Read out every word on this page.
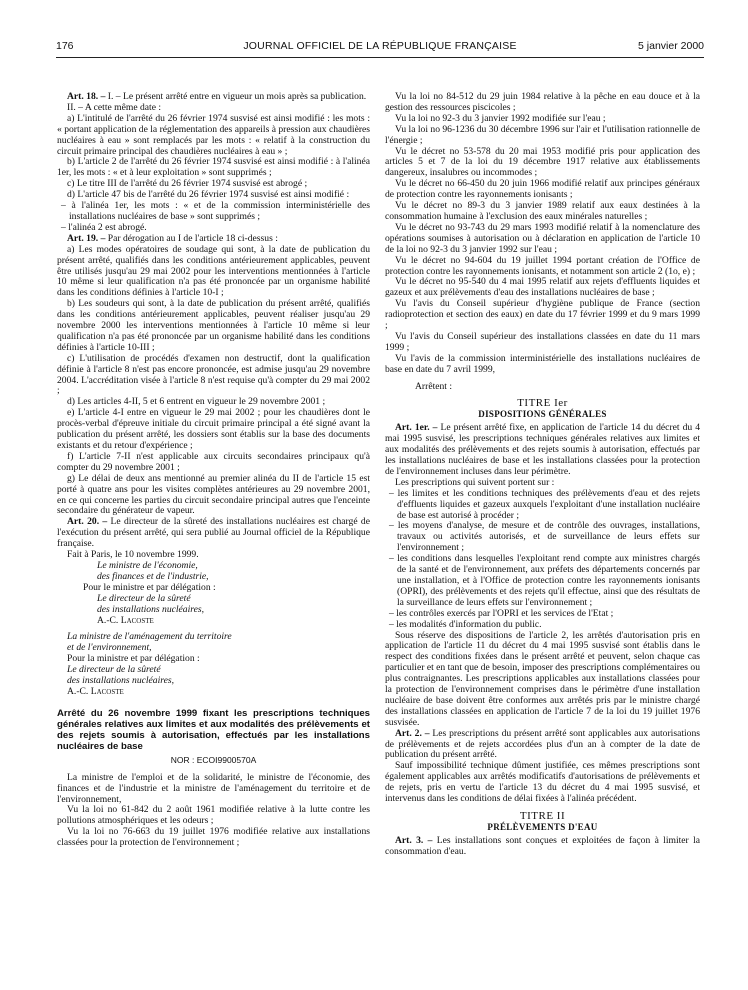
176	JOURNAL OFFICIEL DE LA RÉPUBLIQUE FRANÇAISE	5 janvier 2000

Art. 18. – I. – Le présent arrêté entre en vigueur un mois après sa publication.

II. – A cette même date :

a) L'intitulé de l'arrêté du 26 février 1974 susvisé est ainsi modifié : les mots : « portant application de la réglementation des appareils à pression aux chaudières nucléaires à eau » sont remplacés par les mots : « relatif à la construction du circuit primaire principal des chaudières nucléaires à eau » ;

b) L'article 2 de l'arrêté du 26 février 1974 susvisé est ainsi modifié : à l'alinéa 1er, les mots : « et à leur exploitation » sont supprimés ;

c) Le titre III de l'arrêté du 26 février 1974 susvisé est abrogé ;

d) L'article 47 bis de l'arrêté du 26 février 1974 susvisé est ainsi modifié :

– à l'alinéa 1er, les mots : « et de la commission interministérielle des installations nucléaires de base » sont supprimés ;

– l'alinéa 2 est abrogé.

Art. 19. – Par dérogation au I de l'article 18 ci-dessus :

a) Les modes opératoires de soudage qui sont, à la date de publication du présent arrêté, qualifiés dans les conditions antérieurement applicables, peuvent être utilisés jusqu'au 29 mai 2002 pour les interventions mentionnées à l'article 10 même si leur qualification n'a pas été prononcée par un organisme habilité dans les conditions définies à l'article 10-I ;

b) Les soudeurs qui sont, à la date de publication du présent arrêté, qualifiés dans les conditions antérieurement applicables, peuvent réaliser jusqu'au 29 novembre 2000 les interventions mentionnées à l'article 10 même si leur qualification n'a pas été prononcée par un organisme habilité dans les conditions définies à l'article 10-III ;

c) L'utilisation de procédés d'examen non destructif, dont la qualification définie à l'article 8 n'est pas encore prononcée, est admise jusqu'au 29 novembre 2004. L'accréditation visée à l'article 8 n'est requise qu'à compter du 29 mai 2002 ;

d) Les articles 4-II, 5 et 6 entrent en vigueur le 29 novembre 2001 ;

e) L'article 4-I entre en vigueur le 29 mai 2002 ; pour les chaudières dont le procès-verbal d'épreuve initiale du circuit primaire principal a été signé avant la publication du présent arrêté, les dossiers sont établis sur la base des documents existants et du retour d'expérience ;

f) L'article 7-II n'est applicable aux circuits secondaires principaux qu'à compter du 29 novembre 2001 ;

g) Le délai de deux ans mentionné au premier alinéa du II de l'article 15 est porté à quatre ans pour les visites complètes antérieures au 29 novembre 2001, en ce qui concerne les parties du circuit secondaire principal autres que l'enceinte secondaire du générateur de vapeur.

Art. 20. – Le directeur de la sûreté des installations nucléaires est chargé de l'exécution du présent arrêté, qui sera publié au Journal officiel de la République française.

Fait à Paris, le 10 novembre 1999.

Le ministre de l'économie,

des finances et de l'industrie,

Pour le ministre et par délégation :

Le directeur de la sûreté

des installations nucléaires,

A.-C. Lacoste

La ministre de l'aménagement du territoire

et de l'environnement,

Pour la ministre et par délégation :

Le directeur de la sûreté

des installations nucléaires,

A.-C. Lacoste

Arrêté du 26 novembre 1999 fixant les prescriptions techniques générales relatives aux limites et aux modalités des prélèvements et des rejets soumis à autorisation, effectués par les installations nucléaires de base

NOR : ECOI9900570A

La ministre de l'emploi et de la solidarité, le ministre de l'économie, des finances et de l'industrie et la ministre de l'aménagement du territoire et de l'environnement,

Vu la loi no 61-842 du 2 août 1961 modifiée relative à la lutte contre les pollutions atmosphériques et les odeurs ;

Vu la loi no 76-663 du 19 juillet 1976 modifiée relative aux installations classées pour la protection de l'environnement ;

Vu la loi no 84-512 du 29 juin 1984 relative à la pêche en eau douce et à la gestion des ressources piscicoles ;

Vu la loi no 92-3 du 3 janvier 1992 modifiée sur l'eau ;

Vu la loi no 96-1236 du 30 décembre 1996 sur l'air et l'utilisation rationnelle de l'énergie ;

Vu le décret no 53-578 du 20 mai 1953 modifié pris pour application des articles 5 et 7 de la loi du 19 décembre 1917 relative aux établissements dangereux, insalubres ou incommodes ;

Vu le décret no 66-450 du 20 juin 1966 modifié relatif aux principes généraux de protection contre les rayonnements ionisants ;

Vu le décret no 89-3 du 3 janvier 1989 relatif aux eaux destinées à la consommation humaine à l'exclusion des eaux minérales naturelles ;

Vu le décret no 93-743 du 29 mars 1993 modifié relatif à la nomenclature des opérations soumises à autorisation ou à déclaration en application de l'article 10 de la loi no 92-3 du 3 janvier 1992 sur l'eau ;

Vu le décret no 94-604 du 19 juillet 1994 portant création de l'Office de protection contre les rayonnements ionisants, et notamment son article 2 (1o, e) ;

Vu le décret no 95-540 du 4 mai 1995 relatif aux rejets d'effluents liquides et gazeux et aux prélèvements d'eau des installations nucléaires de base ;

Vu l'avis du Conseil supérieur d'hygiène publique de France (section radioprotection et section des eaux) en date du 17 février 1999 et du 9 mars 1999 ;

Vu l'avis du Conseil supérieur des installations classées en date du 11 mars 1999 ;

Vu l'avis de la commission interministérielle des installations nucléaires de base en date du 7 avril 1999,

Arrêtent :

TITRE Ier

DISPOSITIONS GÉNÉRALES

Art. 1er. – Le présent arrêté fixe, en application de l'article 14 du décret du 4 mai 1995 susvisé, les prescriptions techniques générales relatives aux limites et aux modalités des prélèvements et des rejets soumis à autorisation, effectués par les installations nucléaires de base et les installations classées pour la protection de l'environnement incluses dans leur périmètre.

Les prescriptions qui suivent portent sur :

– les limites et les conditions techniques des prélèvements d'eau et des rejets d'effluents liquides et gazeux auxquels l'exploitant d'une installation nucléaire de base est autorisé à procéder ;

– les moyens d'analyse, de mesure et de contrôle des ouvrages, installations, travaux ou activités autorisés, et de surveillance de leurs effets sur l'environnement ;

– les conditions dans lesquelles l'exploitant rend compte aux ministres chargés de la santé et de l'environnement, aux préfets des départements concernés par une installation, et à l'Office de protection contre les rayonnements ionisants (OPRI), des prélèvements et des rejets qu'il effectue, ainsi que des résultats de la surveillance de leurs effets sur l'environnement ;

– les contrôles exercés par l'OPRI et les services de l'Etat ;

– les modalités d'information du public.

Sous réserve des dispositions de l'article 2, les arrêtés d'autorisation pris en application de l'article 11 du décret du 4 mai 1995 susvisé sont établis dans le respect des conditions fixées dans le présent arrêté et peuvent, selon chaque cas particulier et en tant que de besoin, imposer des prescriptions complémentaires ou plus contraignantes. Les prescriptions applicables aux installations classées pour la protection de l'environnement comprises dans le périmètre d'une installation nucléaire de base doivent être conformes aux arrêtés pris par le ministre chargé des installations classées en application de l'article 7 de la loi du 19 juillet 1976 susvisée.

Art. 2. – Les prescriptions du présent arrêté sont applicables aux autorisations de prélèvements et de rejets accordées plus d'un an à compter de la date de publication du présent arrêté.

Sauf impossibilité technique dûment justifiée, ces mêmes prescriptions sont également applicables aux arrêtés modificatifs d'autorisations de prélèvements et de rejets, pris en vertu de l'article 13 du décret du 4 mai 1995 susvisé, et intervenus dans les conditions de délai fixées à l'alinéa précédent.

TITRE II

PRÉLÈVEMENTS D'EAU

Art. 3. – Les installations sont conçues et exploitées de façon à limiter la consommation d'eau.
